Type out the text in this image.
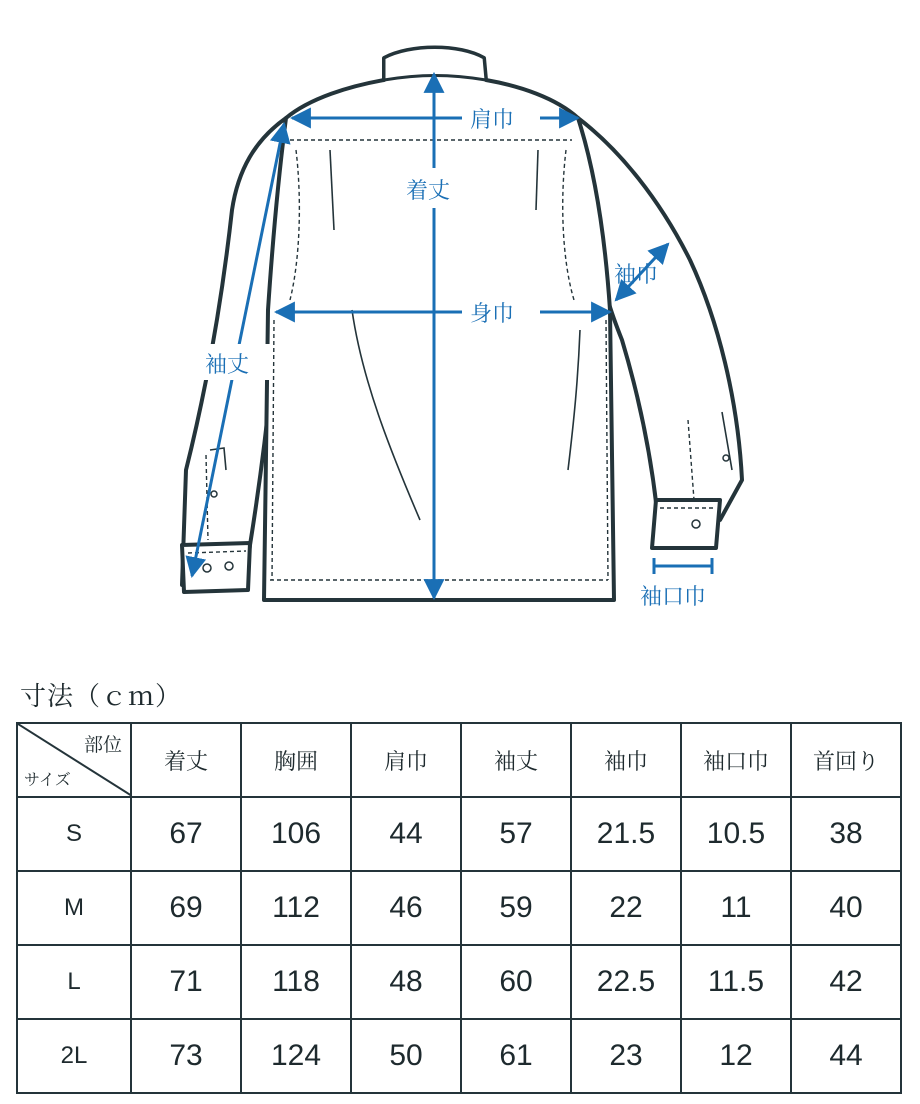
肩巾
着丈
身巾
袖巾
袖丈
袖口巾
寸法（ｃｍ）
部位
サイズ	着丈	胸囲	肩巾	袖丈	袖巾	袖口巾	首回り
S	67	106	44	57	21.5	10.5	38
M	69	112	46	59	22	11	40
L	71	118	48	60	22.5	11.5	42
2L	73	124	50	61	23	12	44
